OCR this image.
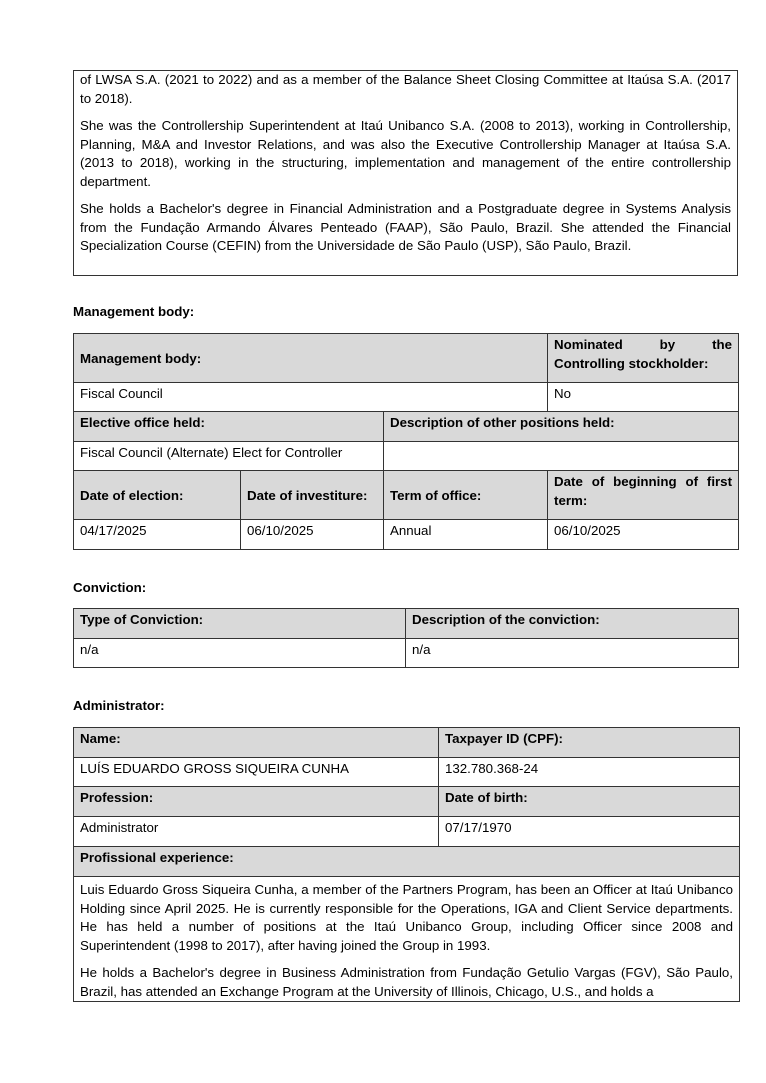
of LWSA S.A. (2021 to 2022) and as a member of the Balance Sheet Closing Committee at Itaúsa S.A. (2017 to 2018).

She was the Controllership Superintendent at Itaú Unibanco S.A. (2008 to 2013), working in Controllership, Planning, M&A and Investor Relations, and was also the Executive Controllership Manager at Itaúsa S.A. (2013 to 2018), working in the structuring, implementation and management of the entire controllership department.

She holds a Bachelor's degree in Financial Administration and a Postgraduate degree in Systems Analysis from the Fundação Armando Álvares Penteado (FAAP), São Paulo, Brazil. She attended the Financial Specialization Course (CEFIN) from the Universidade de São Paulo (USP), São Paulo, Brazil.

Management body:
Management body:			Nominated by the Controlling stockholder:
Fiscal Council			No
Elective office held:		Description of other positions held:	
Fiscal Council (Alternate) Elect for Controller			
Date of election:	Date of investiture:	Term of office:	Date of beginning of first term:
04/17/2025	06/10/2025	Annual	06/10/2025
Conviction:
Type of Conviction:	Description of the conviction:
n/a	n/a
Administrator:
Name:	Taxpayer ID (CPF):
LUÍS EDUARDO GROSS SIQUEIRA CUNHA	132.780.368-24
Profession:	Date of birth:
Administrator	07/17/1970
Profissional experience:	

Luis Eduardo Gross Siqueira Cunha, a member of the Partners Program, has been an Officer at Itaú Unibanco Holding since April 2025. He is currently responsible for the Operations, IGA and Client Service departments. He has held a number of positions at the Itaú Unibanco Group, including Officer since 2008 and Superintendent (1998 to 2017), after having joined the Group in 1993.
He holds a Bachelor's degree in Business Administration from Fundação Getulio Vargas (FGV), São Paulo, Brazil, has attended an Exchange Program at the University of Illinois, Chicago, U.S., and holds a	
